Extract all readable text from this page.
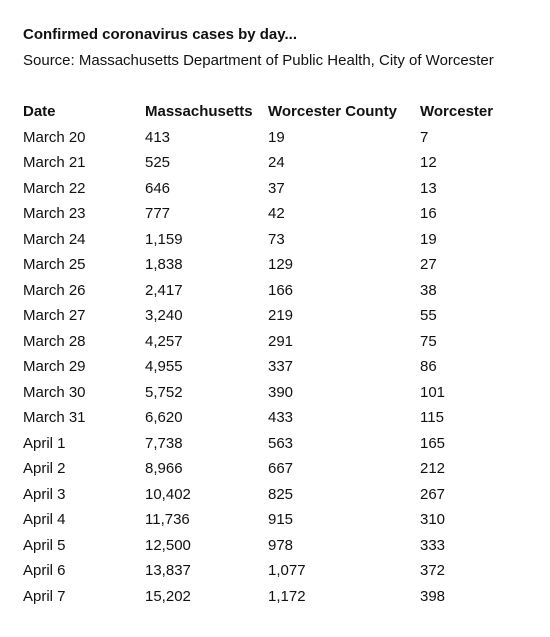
Confirmed coronavirus cases by day...
Source: Massachusetts Department of Public Health, City of Worcester
Date	Massachusetts	Worcester County	Worcester
March 20	413	19	7
March 21	525	24	12
March 22	646	37	13
March 23	777	42	16
March 24	1,159	73	19
March 25	1,838	129	27
March 26	2,417	166	38
March 27	3,240	219	55
March 28	4,257	291	75
March 29	4,955	337	86
March 30	5,752	390	101
March 31	6,620	433	115
April 1	7,738	563	165
April 2	8,966	667	212
April 3	10,402	825	267
April 4	11,736	915	310
April 5	12,500	978	333
April 6	13,837	1,077	372
April 7	15,202	1,172	398
